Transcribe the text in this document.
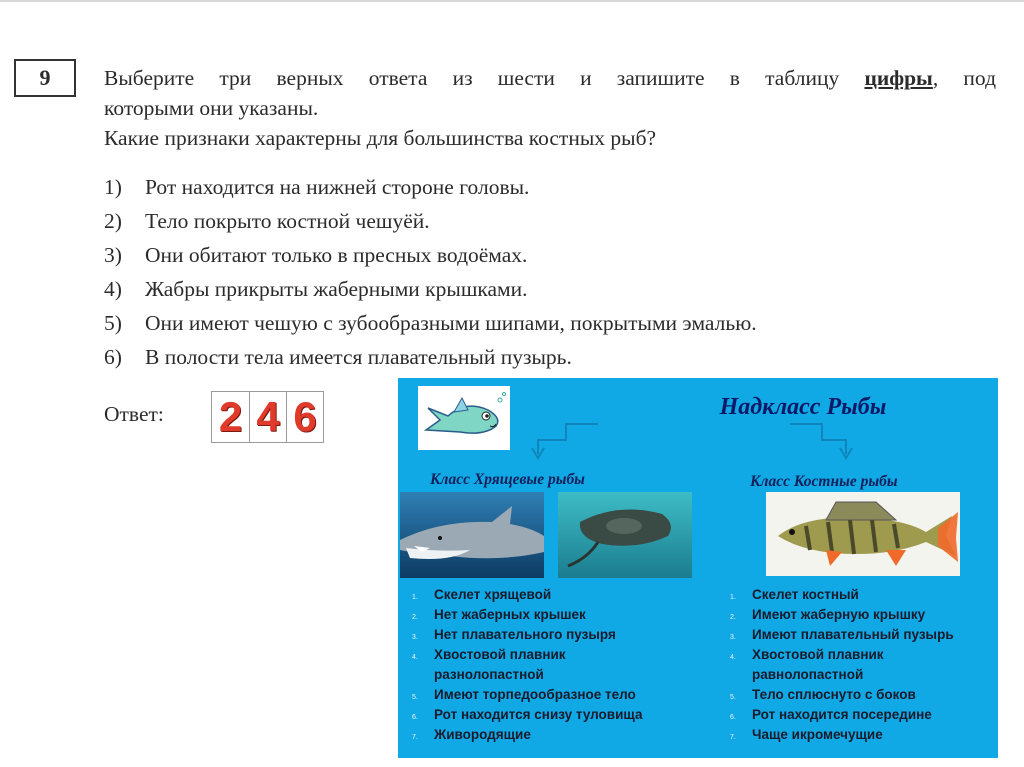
9	Выберите три верных ответа из шести и запишите в таблицу цифры, под
которыми они указаны.
Какие признаки характерны для большинства костных рыб?
1) Рот находится на нижней стороне головы.
2) Тело покрыто костной чешуёй.
3) Они обитают только в пресных водоёмах.
4) Жабры прикрыты жаберными крышками.
5) Они имеют чешую с зубообразными шипами, покрытыми эмалью.
6) В полости тела имеется плавательный пузырь.
Ответ: 2 4 6	Надкласс Рыбы
Класс Хрящевые рыбы	Класс Костные рыбы
1. Скелет хрящевой
2. Нет жаберных крышек
3. Нет плавательного пузыря
4. Хвостовой плавник
разнолопастной
5. Имеют торпедообразное тело
6. Рот находится снизу туловища
7. Живородящие
1. Скелет костный
2. Имеют жаберную крышку
3. Имеют плавательный пузырь
4. Хвостовой плавник
равнолопастной
5. Тело сплюснуто с боков
6. Рот находится посередине
7. Чаще икромечущие
